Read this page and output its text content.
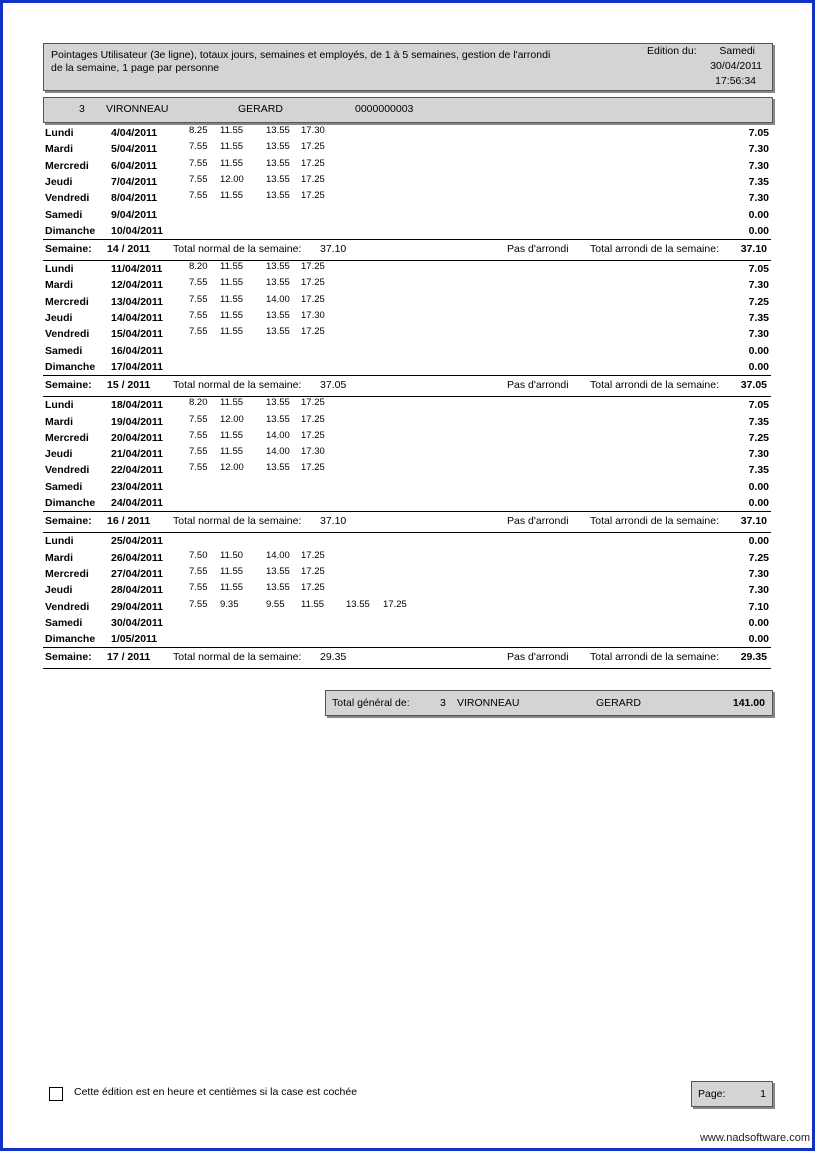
Pointages Utilisateur (3e ligne), totaux jours, semaines et employés, de 1 à 5 semaines, gestion de l'arrondi de la semaine, 1 page par personne
Edition du: Samedi
30/04/2011
17:56:34
3 VIRONNEAU	GERARD	0000000003
Lundi	4/04/2011	8.25 11.55 13.55 17.30	7.05
Mardi	5/04/2011	7.55 11.55 13.55 17.25	7.30
Mercredi 6/04/2011	7.55 11.55 13.55 17.25	7.30
Jeudi	7/04/2011	7.55 12.00 13.55 17.25	7.35
Vendredi 8/04/2011	7.55 11.55 13.55 17.25	7.30
Samedi	9/04/2011	0.00
Dimanche 10/04/2011	0.00
Semaine: 14 / 2011 Total normal de la semaine: 37.10	Pas d'arrondi Total arrondi de la semaine: 37.10
Lundi	11/04/2011	8.20 11.55 13.55 17.25	7.05
Mardi	12/04/2011	7.55 11.55 13.55 17.25	7.30
Mercredi 13/04/2011	7.55 11.55 14.00 17.25	7.25
Jeudi	14/04/2011	7.55 11.55 13.55 17.30	7.35
Vendredi 15/04/2011	7.55 11.55 13.55 17.25	7.30
Samedi	16/04/2011	0.00
Dimanche 17/04/2011	0.00
Semaine: 15 / 2011 Total normal de la semaine: 37.05	Pas d'arrondi Total arrondi de la semaine: 37.05
Lundi	18/04/2011	8.20 11.55 13.55 17.25	7.05
Mardi	19/04/2011	7.55 12.00 13.55 17.25	7.35
Mercredi 20/04/2011	7.55 11.55 14.00 17.25	7.25
Jeudi	21/04/2011	7.55 11.55 14.00 17.30	7.30
Vendredi 22/04/2011	7.55 12.00 13.55 17.25	7.35
Samedi	23/04/2011	0.00
Dimanche 24/04/2011	0.00
Semaine: 16 / 2011 Total normal de la semaine: 37.10	Pas d'arrondi Total arrondi de la semaine: 37.10
Lundi	25/04/2011	0.00
Mardi	26/04/2011	7.50 11.50 14.00 17.25	7.25
Mercredi 27/04/2011	7.55 11.55 13.55 17.25	7.30
Jeudi	28/04/2011	7.55 11.55 13.55 17.25	7.30
Vendredi 29/04/2011	7.55 9.35	9.55 11.55 13.55 17.25	7.10
Samedi	30/04/2011	0.00
Dimanche 1/05/2011	0.00
Semaine: 17 / 2011 Total normal de la semaine: 29.35	Pas d'arrondi Total arrondi de la semaine: 29.35
Total général de:	3 VIRONNEAU	GERARD	141.00
Cette édition est en heure et centièmes si la case est cochée	Page:	1
www.nadsoftware.com
